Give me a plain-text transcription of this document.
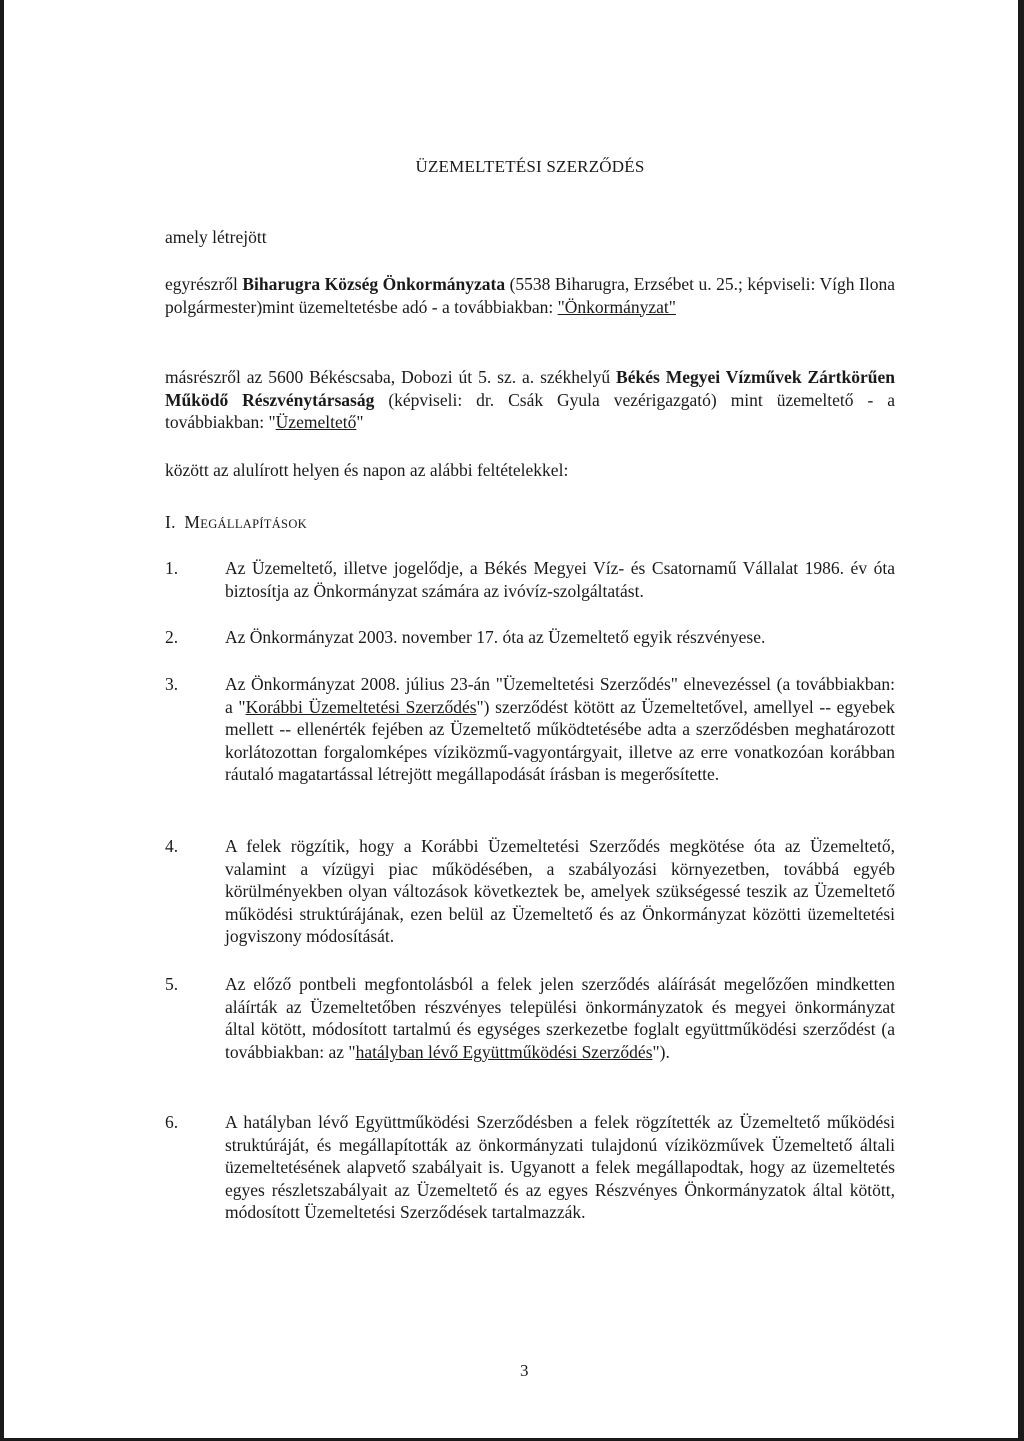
ÜZEMELTETÉSI SZERZŐDÉS

amely létrejött

egyrészről Biharugra Község Önkormányzata (5538 Biharugra, Erzsébet u. 25.; képviseli: Vígh Ilona polgármester)mint üzemeltetésbe adó - a továbbiakban: "Önkormányzat"

másrészről az 5600 Békéscsaba, Dobozi út 5. sz. a. székhelyű Békés Megyei Vízművek Zártkörűen Működő Részvénytársaság (képviseli: dr. Csák Gyula vezérigazgató) mint üzemeltető - a továbbiakban: "Üzemeltető"

között az alulírott helyen és napon az alábbi feltételekkel:

I. MEGÁLLAPÍTÁSOK
1.	Az Üzemeltető, illetve jogelődje, a Békés Megyei Víz- és Csatornamű Vállalat 1986. év óta biztosítja az Önkormányzat számára az ivóvíz-szolgáltatást.

2.	Az Önkormányzat 2003. november 17. óta az Üzemeltető egyik részvényese.

3.	Az Önkormányzat 2008. július 23-án "Üzemeltetési Szerződés" elnevezéssel (a továbbiakban: a "Korábbi Üzemeltetési Szerződés") szerződést kötött az Üzemeltetővel, amellyel -- egyebek mellett -- ellenérték fejében az Üzemeltető működtetésébe adta a szerződésben meghatározott korlátozottan forgalomképes víziközmű-vagyontárgyait, illetve az erre vonatkozóan korábban ráutaló magatartással létrejött megállapodását írásban is megerősítette.

4.	A felek rögzítik, hogy a Korábbi Üzemeltetési Szerződés megkötése óta az Üzemeltető, valamint a vízügyi piac működésében, a szabályozási környezetben, továbbá egyéb körülményekben olyan változások következtek be, amelyek szükségessé teszik az Üzemeltető működési struktúrájának, ezen belül az Üzemeltető és az Önkormányzat közötti üzemeltetési jogviszony módosítását.

5.	Az előző pontbeli megfontolásból a felek jelen szerződés aláírását megelőzően mindketten aláírták az Üzemeltetőben részvényes települési önkormányzatok és megyei önkormányzat által kötött, módosított tartalmú és egységes szerkezetbe foglalt együttműködési szerződést (a továbbiakban: az "hatályban lévő Együttműködési Szerződés").

6.	A hatályban lévő Együttműködési Szerződésben a felek rögzítették az Üzemeltető működési struktúráját, és megállapították az önkormányzati tulajdonú víziközművek Üzemeltető általi üzemeltetésének alapvető szabályait is. Ugyanott a felek megállapodtak, hogy az üzemeltetés egyes részletszabályait az Üzemeltető és az egyes Részvényes Önkormányzatok által kötött, módosított Üzemeltetési Szerződések tartalmazzák.

3
